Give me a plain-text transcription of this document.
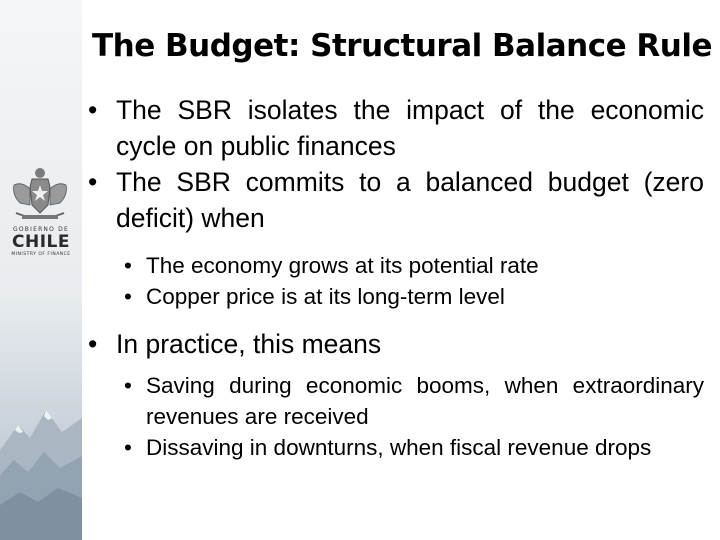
GOBIERNO DE
CHILE
MINISTRY OF FINANCE
The Budget: Structural Balance Rule
• The SBR isolates the impact of the economic cycle on public finances
• The SBR commits to a balanced budget (zero deficit) when
• The economy grows at its potential rate
• Copper price is at its long-term level
• In practice, this means
• Saving during economic booms, when extraordinary revenues are received
• Dissaving in downturns, when fiscal revenue drops
